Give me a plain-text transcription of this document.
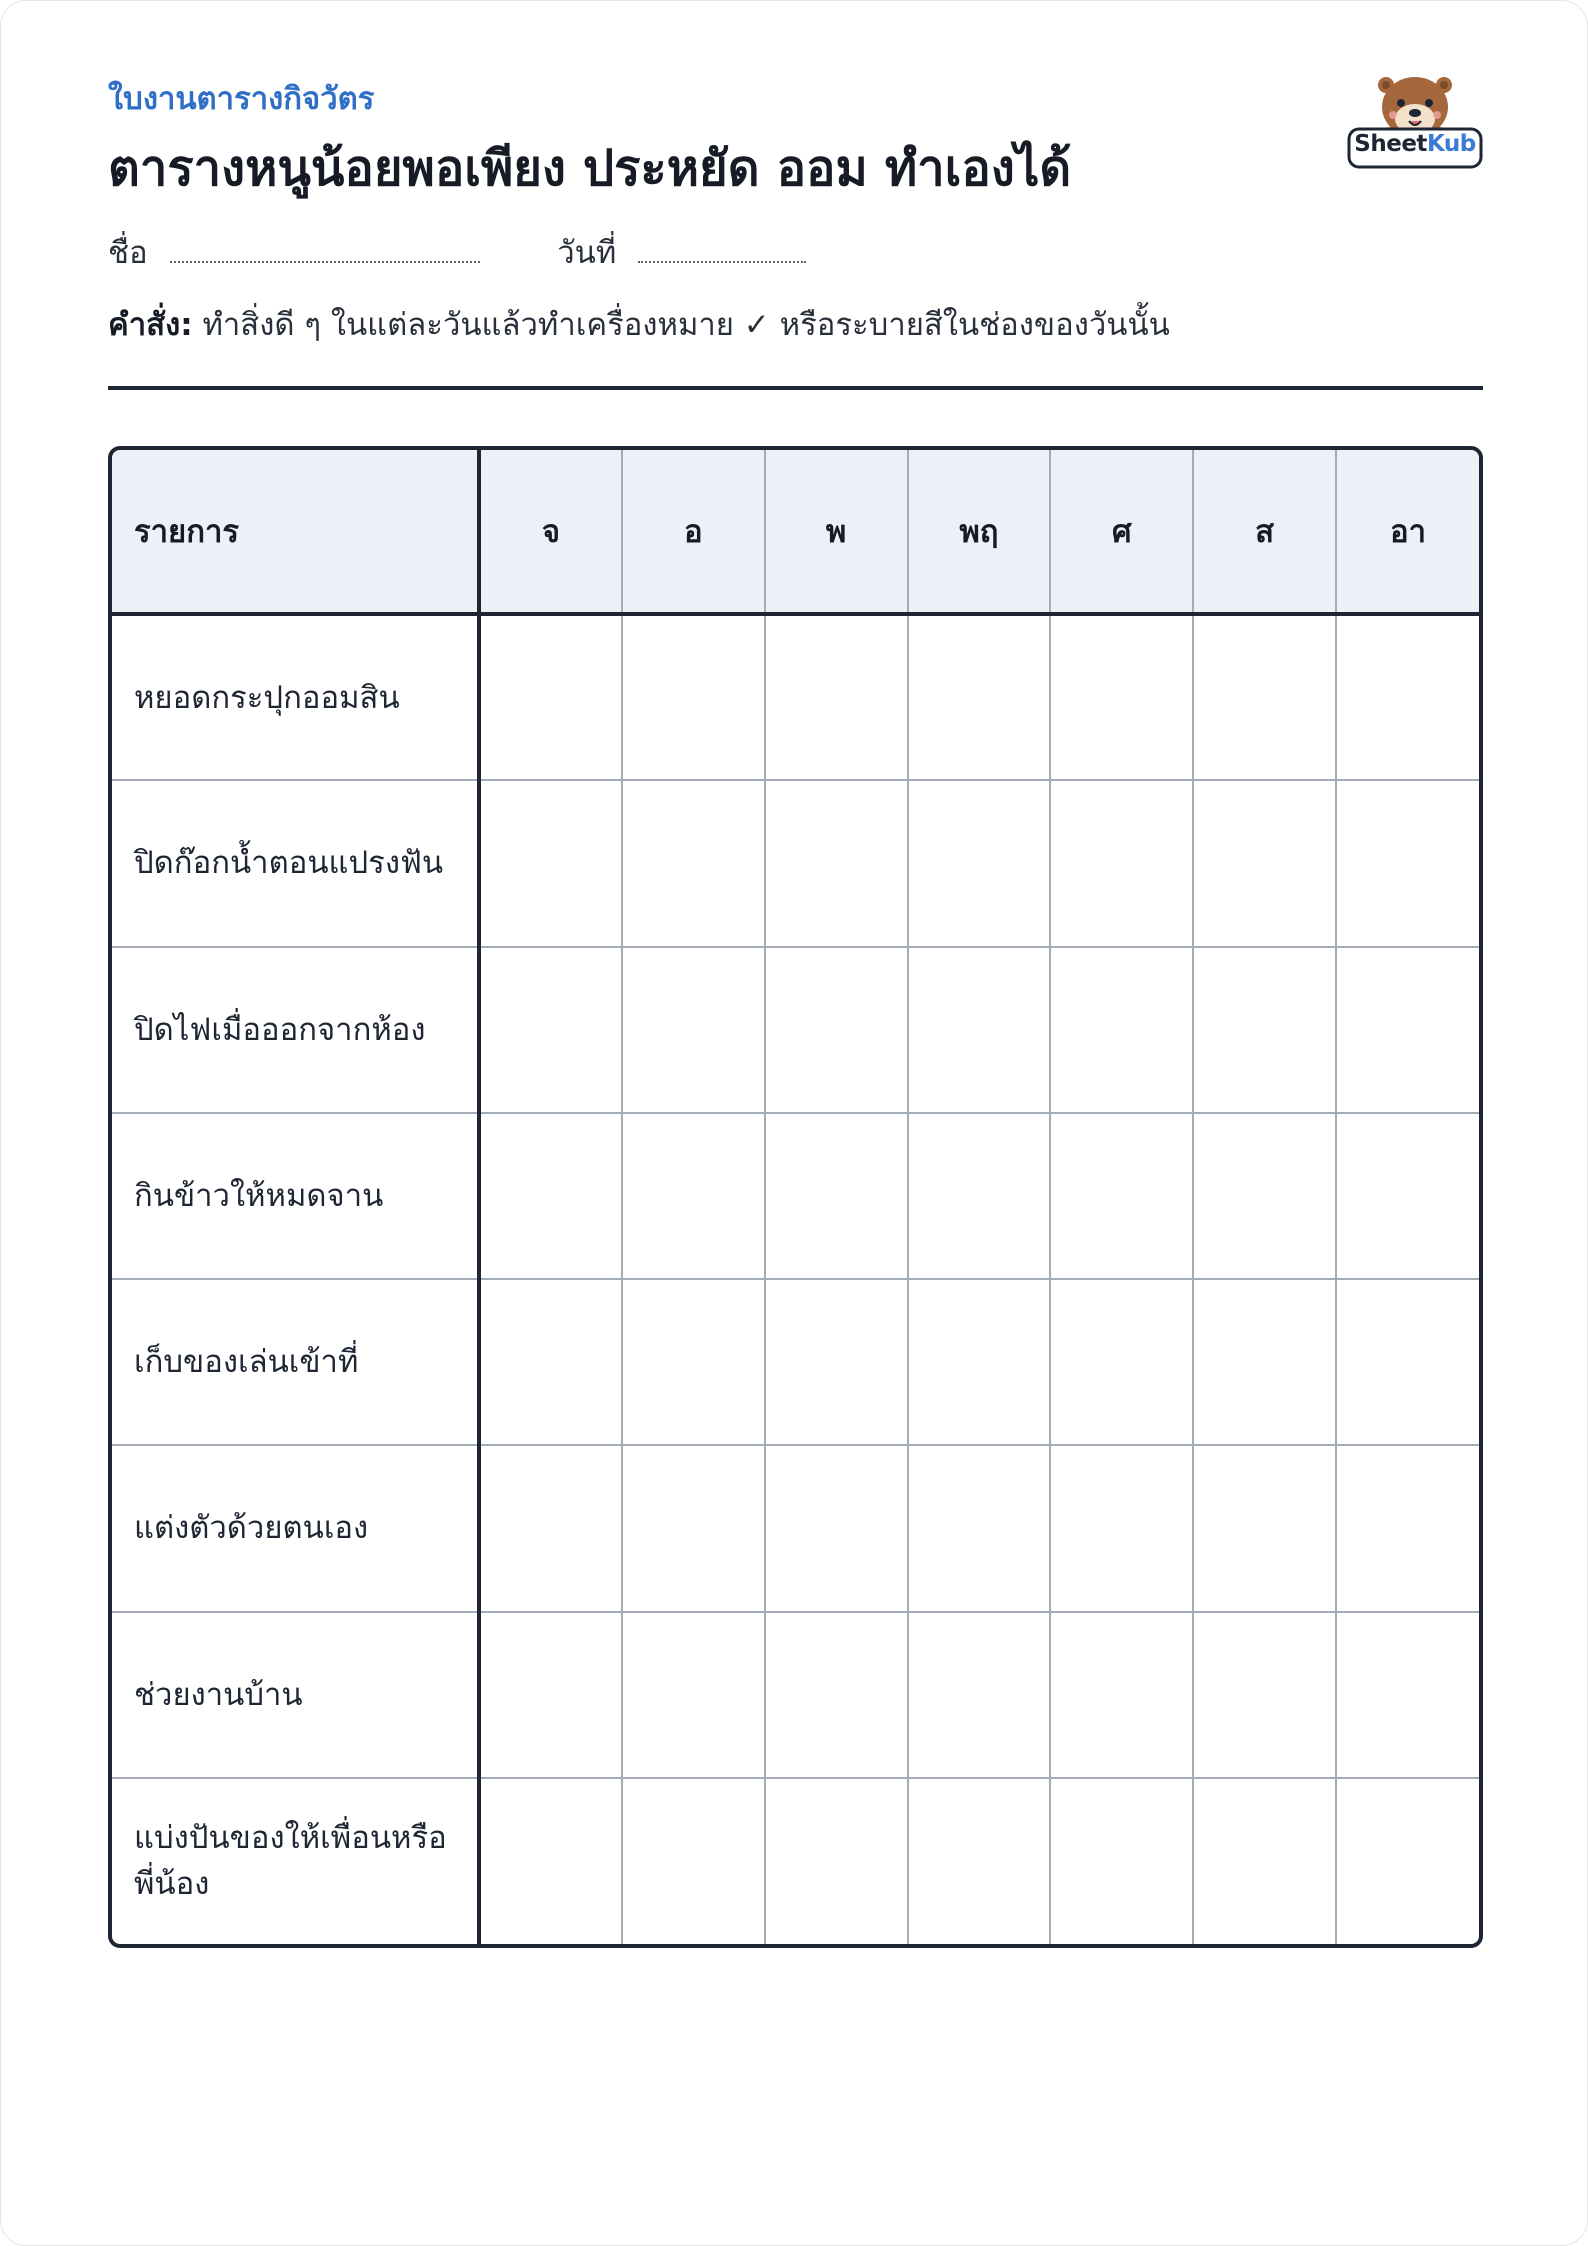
ใบงานตารางกิจวัตร
ตารางหนูน้อยพอเพียง ประหยัด ออม ทำเองได้	SheetKub
ชื่อ	วันที่
คำสั่ง: ทำสิ่งดี ๆ ในแต่ละวันแล้วทำเครื่องหมาย ✓ หรือระบายสีในช่องของวันนั้น
รายการ	จ	อ	พ	พฤ	ศ	ส	อา
หยอดกระปุกออมสิน							
ปิดก๊อกน้ำตอนแปรงฟัน							
ปิดไฟเมื่อออกจากห้อง							
กินข้าวให้หมดจาน							
เก็บของเล่นเข้าที่							
แต่งตัวด้วยตนเอง							
ช่วยงานบ้าน							
แบ่งปันของให้เพื่อนหรือพี่น้อง							
